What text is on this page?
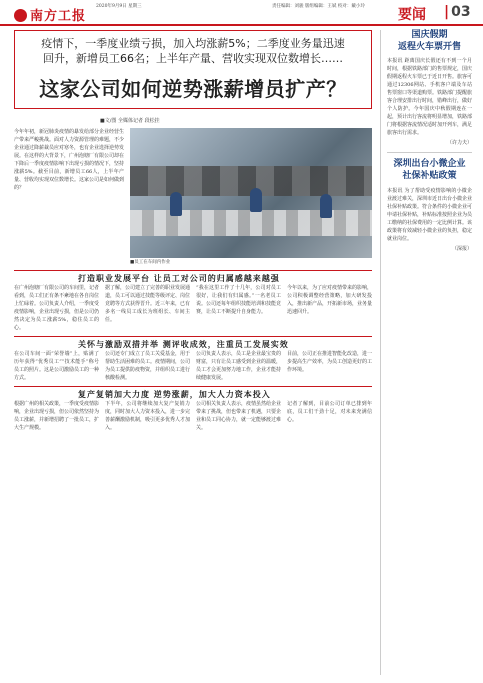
南方工报
2020年9月9日 星期三	责任编辑：刘骏 版组编辑：王斌 校对：戴小玲
要闻
|	03
疫情下，一季度业绩亏损，加入均涨薪5%；二季度业务量迅速
回升，新增员工66名；上半年产量、营收实现双位数增长……
这家公司如何逆势涨薪增员扩产？
■文/图 全媒体记者 段松挂

今年年初，新冠肺炎疫情的暴发给部分企业经营生产带来严峻挑战。面对人力资源管理的难题，不少企业通过降薪裁员应对寒冬，也有企业选择逆势发展。在这样的大背景下，广州泡塘厂有限公司却在下降后一季度疫情影响下出现亏损的情况下，坚持涨薪5%。截至目前，新增员工66人，上半年产量、营收均实现双位数增长。这家公司是如何做到的？

■员工在车间内作业
打造职业发展平台 让员工对公司的归属感越来越强

在广州泡塘厂有限公司的车间里，记者看到，员工们正有条不紊地在各自岗位上忙碌着。公司负责人介绍，一季度受疫情影响，企业出现亏损，但是公司仍然决定为员工涨薪5%，稳住员工的心。

据了解，公司建立了完善的职业发展通道，员工可以通过技能等级评定、岗位竞聘等方式获得晋升。近三年来，已有多名一线员工成长为班组长、车间主任。

“我在这里工作了十几年，公司对员工很好，让我们有归属感。”一名老员工说。公司还每年组织技能培训和技能竞赛，让员工不断提升自身能力。

今年以来，为了应对疫情带来的影响，公司积极调整经营策略，加大研发投入，推出新产品，开拓新市场，业务量迅速回升。

关怀与激励双措并举 测评收成效，注重员工发展实效

在公司车间一面“荣誉墙”上，贴满了历年获得“优秀员工”“技术能手”称号员工的照片。这是公司激励员工的一种方式。

公司还专门成立了员工关爱基金，用于帮助生活困难的员工。疫情期间，公司为员工提供防疫物资，并组织员工进行核酸检测。

公司负责人表示，员工是企业最宝贵的财富，只有让员工感受到企业的温暖，员工才会更加努力地工作，企业才能持续健康发展。

目前，公司正在推进智能化改造，进一步提高生产效率，为员工创造更好的工作环境。

复产复销加大力度 逆势涨薪，加大人力资本投入

根据广州的相关政策，一季度受疫情影响，企业出现亏损，但公司依然坚持为员工涨薪，并新增招聘了一批员工，扩大生产规模。

下半年，公司将继续加大复产复销力度，同时加大人力资本投入，进一步完善薪酬激励机制，吸引更多优秀人才加入。

公司相关负责人表示，疫情虽然给企业带来了挑战，但也带来了机遇，只要企业和员工同心协力，就一定能够渡过难关。

记者了解到，目前公司订单已排到年底，员工们干劲十足，对未来充满信心。

国庆假期
返程火车票开售

本报讯 距离国庆长假还有不到一个月时间，根据铁路部门的售票规定，国庆假期返程火车票已于近日开售。旅客可通过12306网站、手机客户端及车站售票窗口等渠道购票。铁路部门提醒旅客合理安排出行时间，错峰出行，做好个人防护。今年国庆中秋假期连在一起，预计出行客流将明显增加，铁路部门将根据客流情况适时加开列车，满足旅客出行需求。

（许力夫）
深圳出台小微企业
社保补贴政策

本报讯 为了帮助受疫情影响的小微企业渡过难关，深圳市近日出台小微企业社保补贴政策。符合条件的小微企业可申请社保补贴，补贴标准按照企业为员工缴纳的社保费用的一定比例计算。该政策将有效减轻小微企业的负担，稳定就业岗位。

（深报）
